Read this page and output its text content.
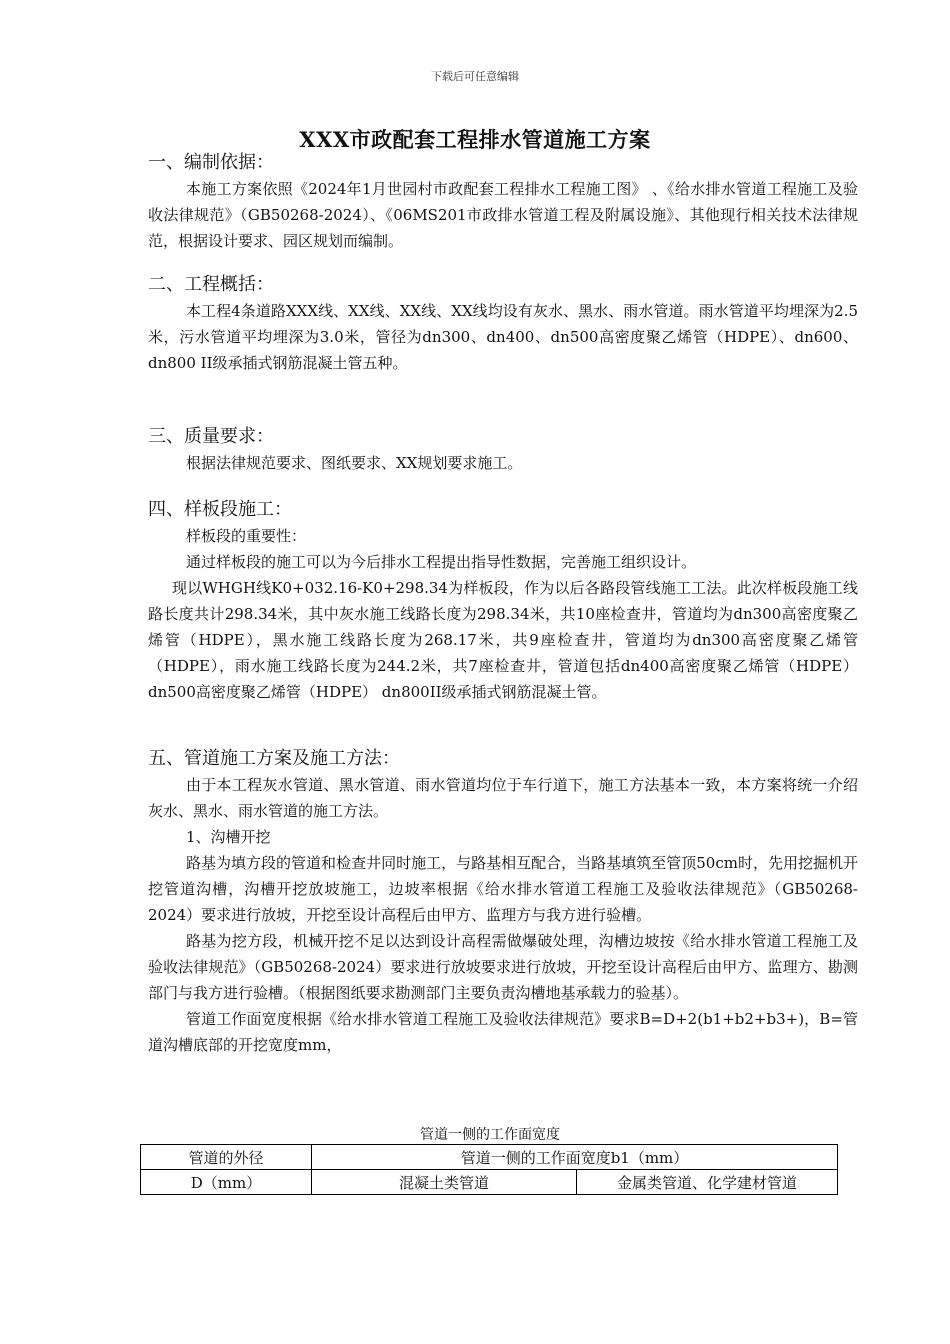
下载后可任意编辑
XXX市政配套工程排水管道施工方案

一、编制依据：

本施工方案依照《2024年1月世园村市政配套工程排水工程施工图》 、《给水排水管道工程施工及验收法律规范》（GB50268-2024）、《06MS201市政排水管道工程及附属设施》、其他现行相关技术法律规范，根据设计要求、园区规划而编制。

二、工程概括：

本工程4条道路XXX线、XX线、XX线、XX线均设有灰水、黑水、雨水管道。雨水管道平均埋深为2.5米，污水管道平均埋深为3.0米，管径为dn300、dn400、dn500高密度聚乙烯管（HDPE）、dn600、dn800 II级承插式钢筋混凝土管五种。

三、质量要求：

根据法律规范要求、图纸要求、XX规划要求施工。

四、样板段施工：

样板段的重要性：

通过样板段的施工可以为今后排水工程提出指导性数据，完善施工组织设计。

现以WHGH线K0+032.16-K0+298.34为样板段，作为以后各路段管线施工工法。此次样板段施工线路长度共计298.34米，其中灰水施工线路长度为298.34米，共10座检查井，管道均为dn300高密度聚乙烯管（HDPE），黑水施工线路长度为268.17米，共9座检查井，管道均为dn300高密度聚乙烯管（HDPE），雨水施工线路长度为244.2米，共7座检查井，管道包括dn400高密度聚乙烯管（HDPE） dn500高密度聚乙烯管（HDPE） dn800II级承插式钢筋混凝土管。

五、管道施工方案及施工方法：

由于本工程灰水管道、黑水管道、雨水管道均位于车行道下，施工方法基本一致，本方案将统一介绍灰水、黑水、雨水管道的施工方法。

1、沟槽开挖

路基为填方段的管道和检查井同时施工，与路基相互配合，当路基填筑至管顶50cm时，先用挖掘机开挖管道沟槽，沟槽开挖放坡施工，边坡率根据《给水排水管道工程施工及验收法律规范》（GB50268-2024）要求进行放坡，开挖至设计高程后由甲方、监理方与我方进行验槽。

路基为挖方段，机械开挖不足以达到设计高程需做爆破处理，沟槽边坡按《给水排水管道工程施工及验收法律规范》（GB50268-2024）要求进行放坡要求进行放坡，开挖至设计高程后由甲方、监理方、勘测部门与我方进行验槽。（根据图纸要求勘测部门主要负责沟槽地基承载力的验基）。

管道工作面宽度根据《给水排水管道工程施工及验收法律规范》要求B=D+2(b1+b2+b3+)，B=管道沟槽底部的开挖宽度mm，

管道一侧的工作面宽度
管道的外径	管道一侧的工作面宽度b1（mm）	
D（mm）	混凝土类管道	金属类管道、化学建材管道
